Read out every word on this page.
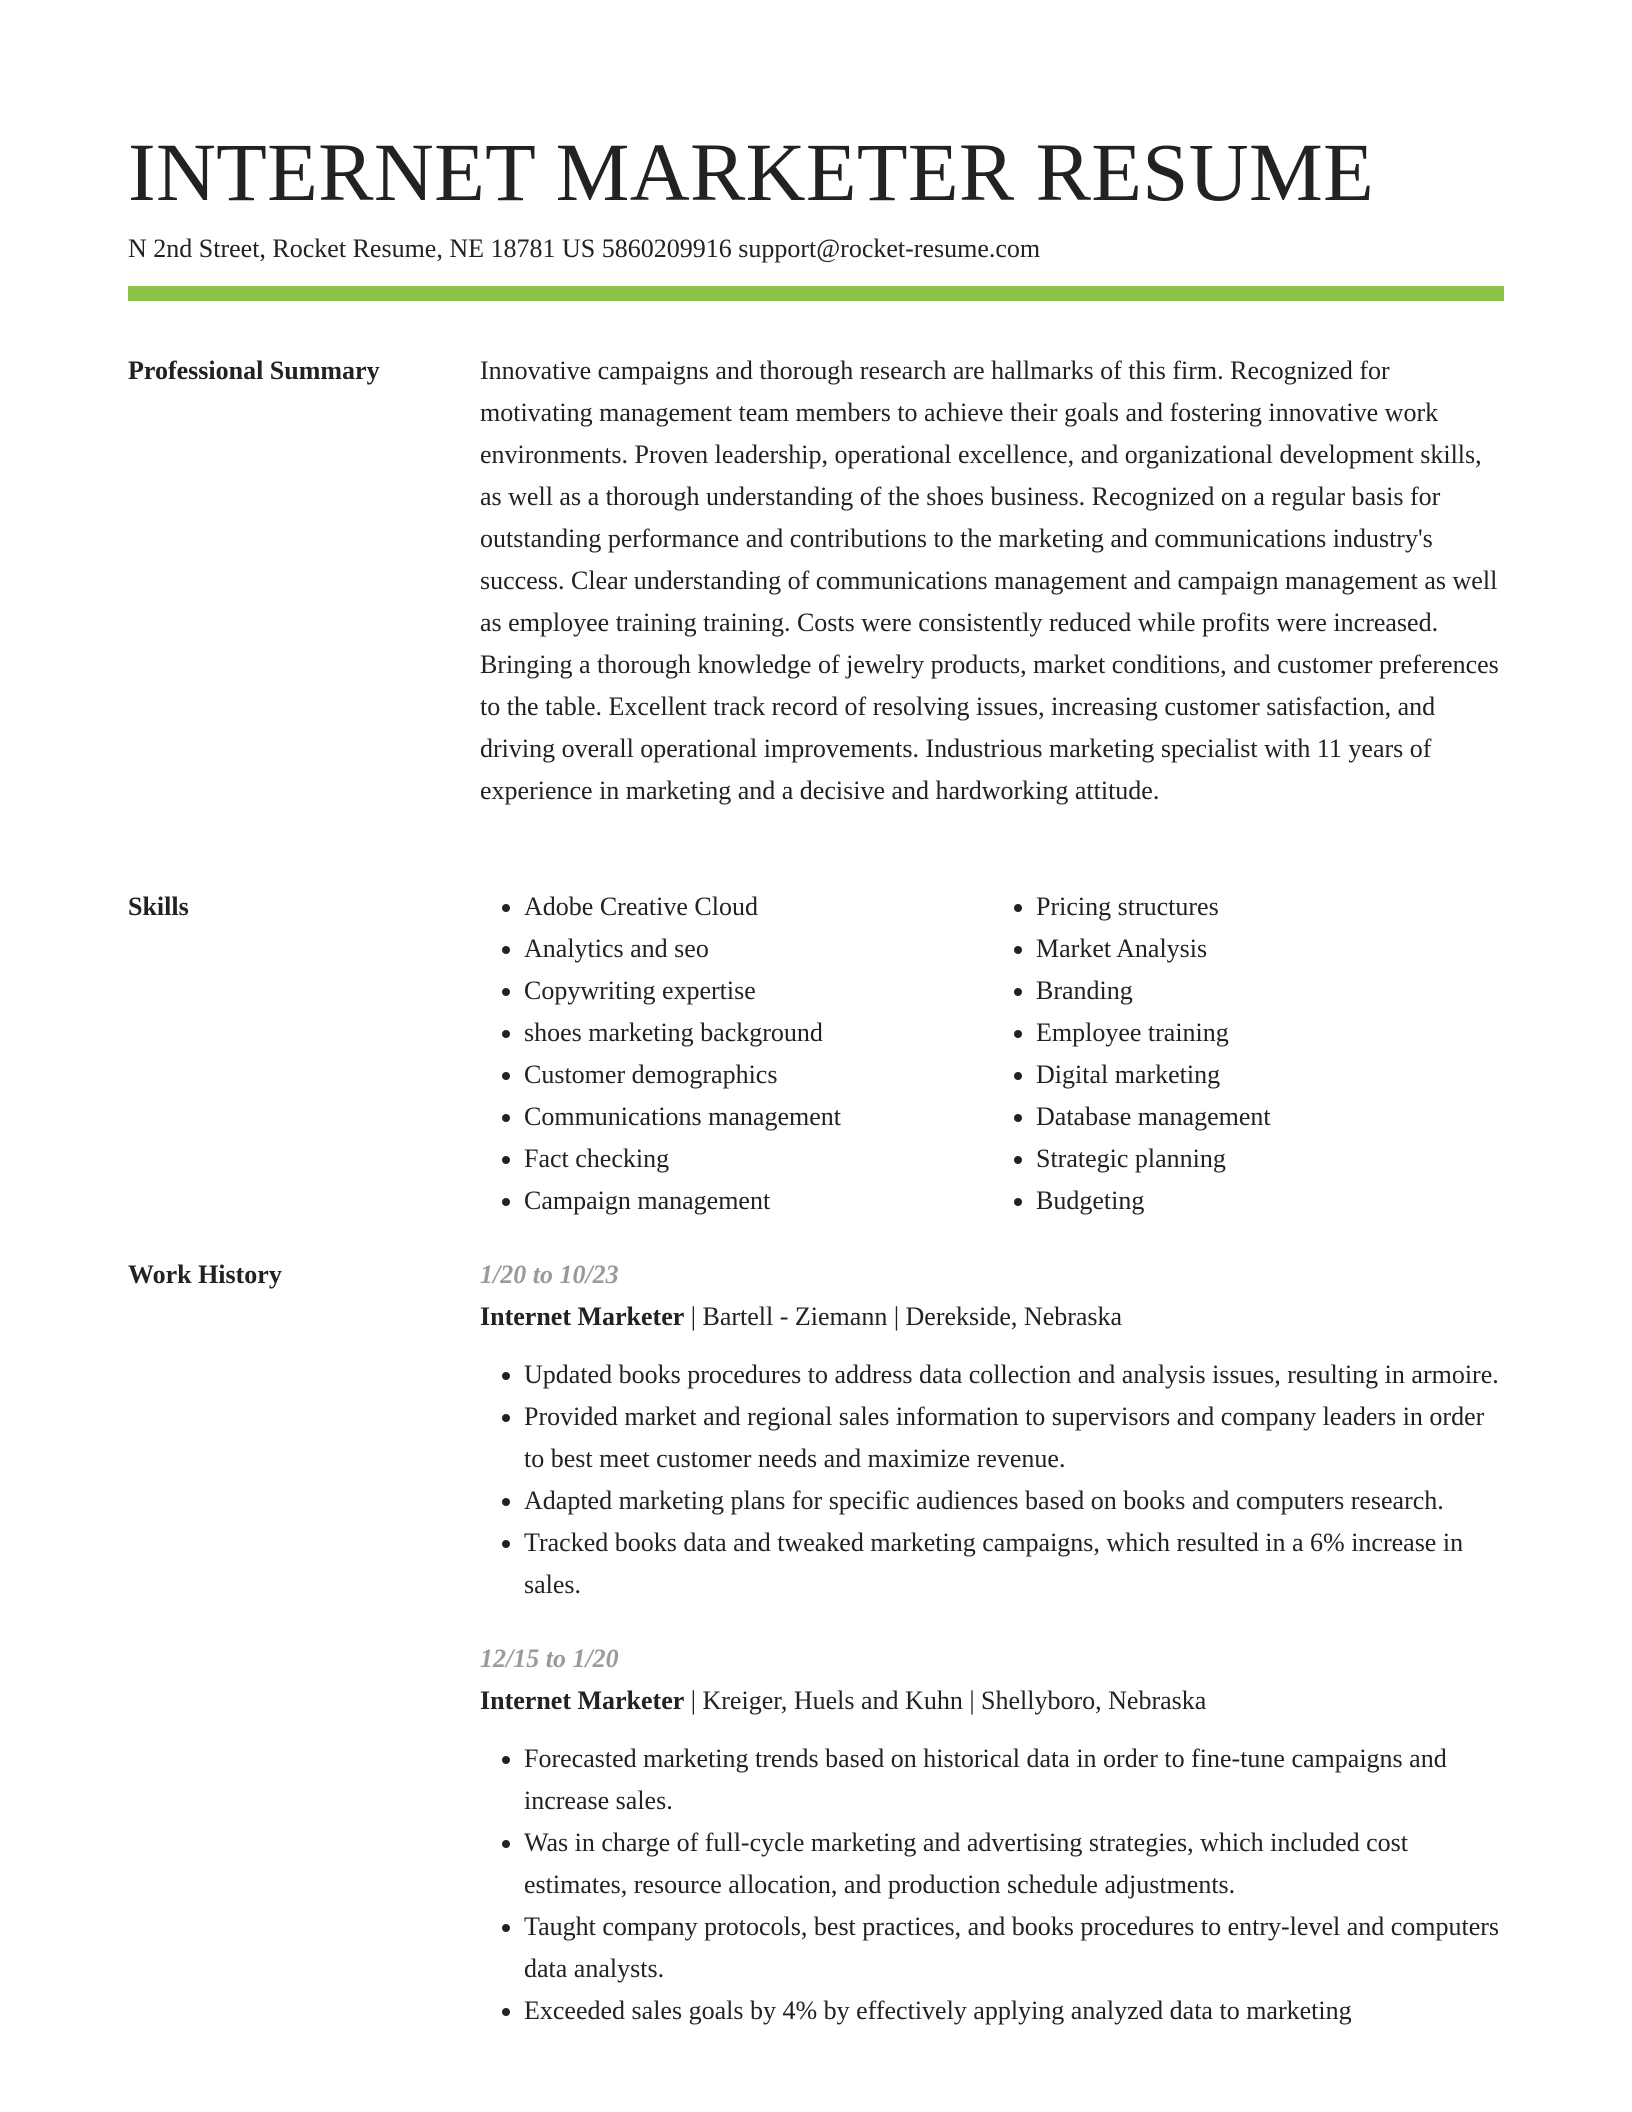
INTERNET MARKETER RESUME
N 2nd Street, Rocket Resume, NE 18781 US 5860209916 support@rocket-resume.com
Professional Summary	Innovative campaigns and thorough research are hallmarks of this firm. Recognized for motivating management team members to achieve their goals and fostering innovative work environments. Proven leadership, operational excellence, and organizational development skills, as well as a thorough understanding of the shoes business. Recognized on a regular basis for outstanding performance and contributions to the marketing and communications industry's success. Clear understanding of communications management and campaign management as well as employee training training. Costs were consistently reduced while profits were increased. Bringing a thorough knowledge of jewelry products, market conditions, and customer preferences to the table. Excellent track record of resolving issues, increasing customer satisfaction, and driving overall operational improvements. Industrious marketing specialist with 11 years of experience in marketing and a decisive and hardworking attitude.

Skills
•	Adobe Creative Cloud
• Analytics and seo
• Copywriting expertise
• shoes marketing background
• Customer demographics
• Communications management
• Fact checking
• Campaign management
• Pricing structures
• Market Analysis
• Branding
• Employee training
• Digital marketing
• Database management
• Strategic planning
• Budgeting
Work History	1/20 to 10/23
Internet Marketer | Bartell - Ziemann | Derekside, Nebraska
• Updated books procedures to address data collection and analysis issues, resulting in armoire.
• Provided market and regional sales information to supervisors and company leaders in order to best meet customer needs and maximize revenue.
• Adapted marketing plans for specific audiences based on books and computers research.
• Tracked books data and tweaked marketing campaigns, which resulted in a 6% increase in sales.
12/15 to 1/20
Internet Marketer | Kreiger, Huels and Kuhn | Shellyboro, Nebraska
• Forecasted marketing trends based on historical data in order to fine-tune campaigns and increase sales.
• Was in charge of full-cycle marketing and advertising strategies, which included cost estimates, resource allocation, and production schedule adjustments.
• Taught company protocols, best practices, and books procedures to entry-level and computers data analysts.
• Exceeded sales goals by 4% by effectively applying analyzed data to marketing
